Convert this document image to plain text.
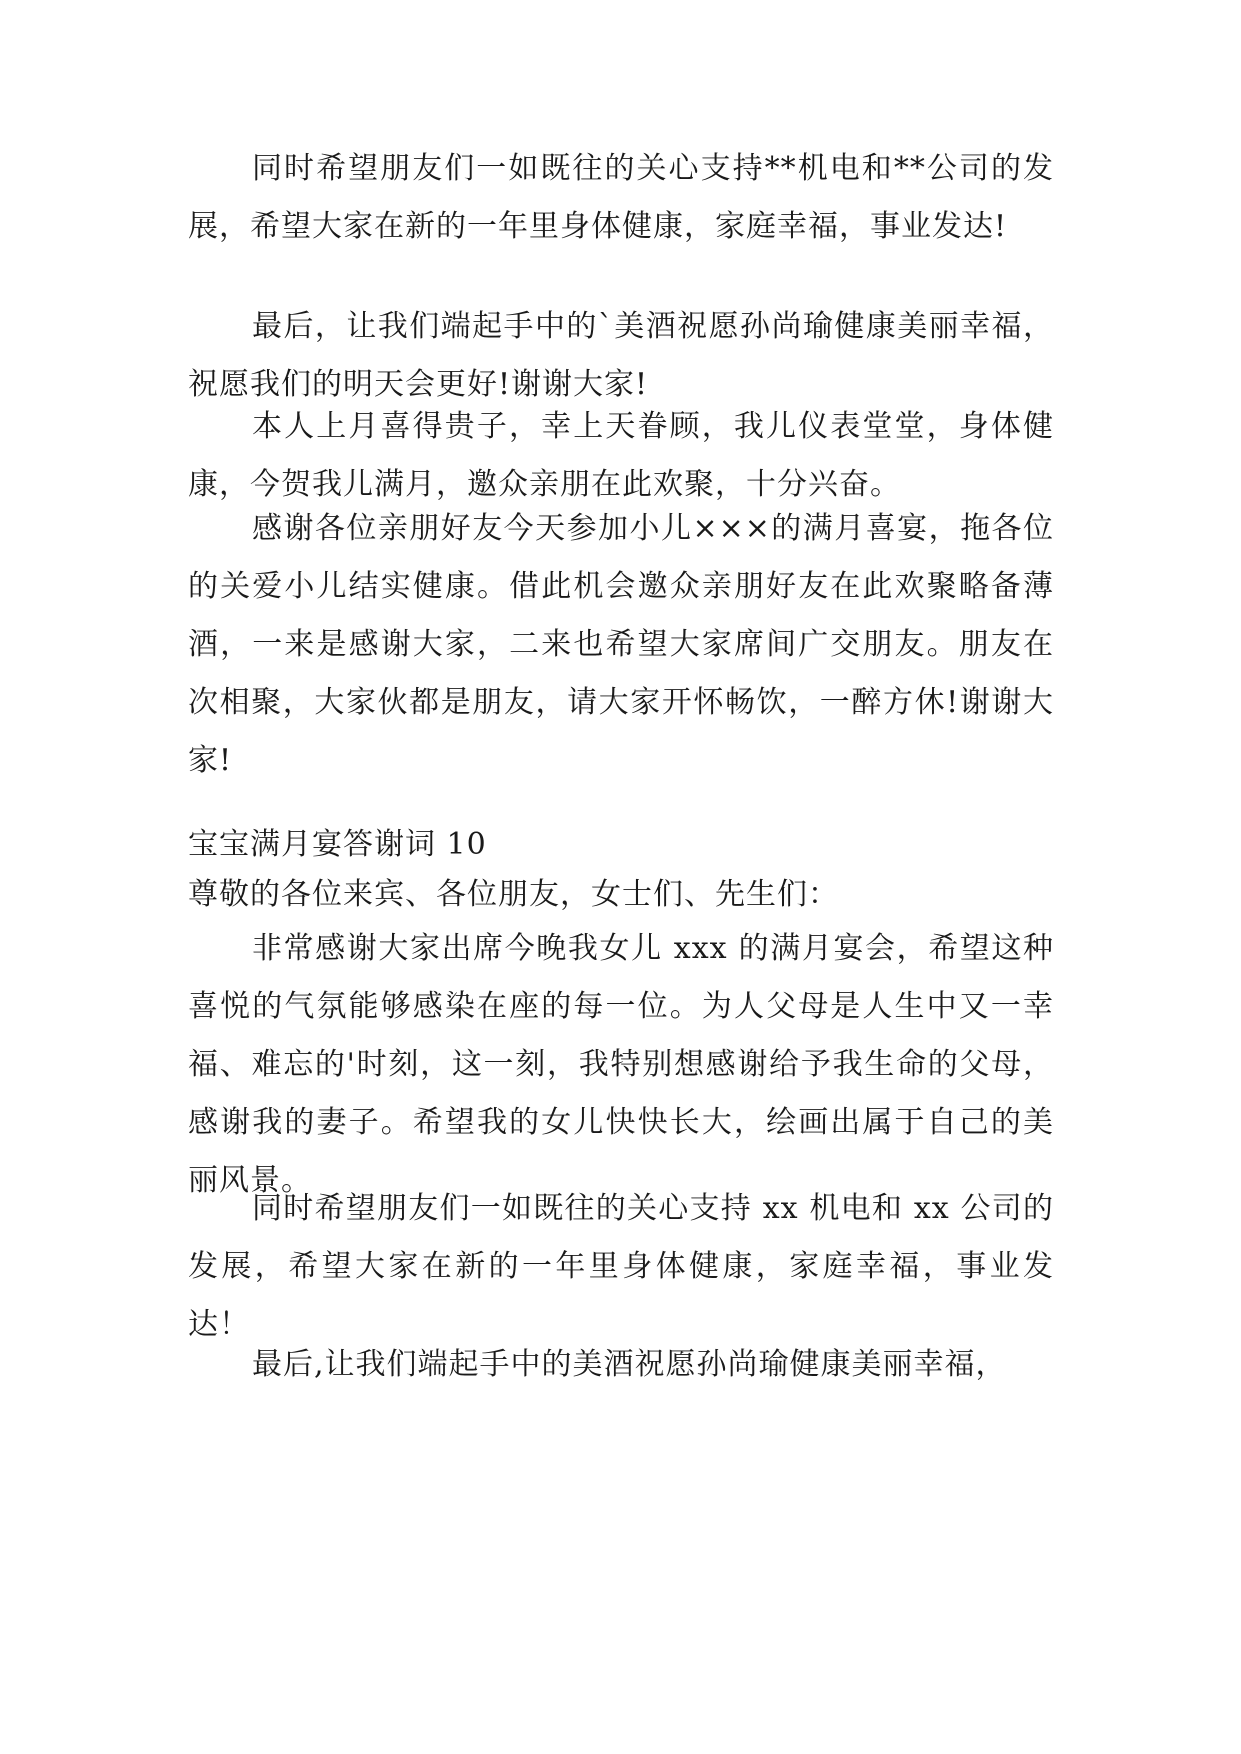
同时希望朋友们一如既往的关心支持**机电和**公司的发展，希望大家在新的一年里身体健康，家庭幸福，事业发达!

最后，让我们端起手中的`美酒祝愿孙尚瑜健康美丽幸福，祝愿我们的明天会更好!谢谢大家!

本人上月喜得贵子，幸上天眷顾，我儿仪表堂堂，身体健康，今贺我儿满月，邀众亲朋在此欢聚，十分兴奋。

感谢各位亲朋好友今天参加小儿×××的满月喜宴，拖各位的关爱小儿结实健康。借此机会邀众亲朋好友在此欢聚略备薄酒，一来是感谢大家，二来也希望大家席间广交朋友。朋友在次相聚，大家伙都是朋友，请大家开怀畅饮，一醉方休!谢谢大家!

宝宝满月宴答谢词 10

尊敬的各位来宾、各位朋友，女士们、先生们：

非常感谢大家出席今晚我女儿 xxx 的满月宴会，希望这种喜悦的气氛能够感染在座的每一位。为人父母是人生中又一幸福、难忘的'时刻，这一刻，我特别想感谢给予我生命的父母，感谢我的妻子。希望我的女儿快快长大，绘画出属于自己的美丽风景。

同时希望朋友们一如既往的关心支持 xx 机电和 xx 公司的发展，希望大家在新的一年里身体健康，家庭幸福，事业发达！

最后,让我们端起手中的美酒祝愿孙尚瑜健康美丽幸福，
